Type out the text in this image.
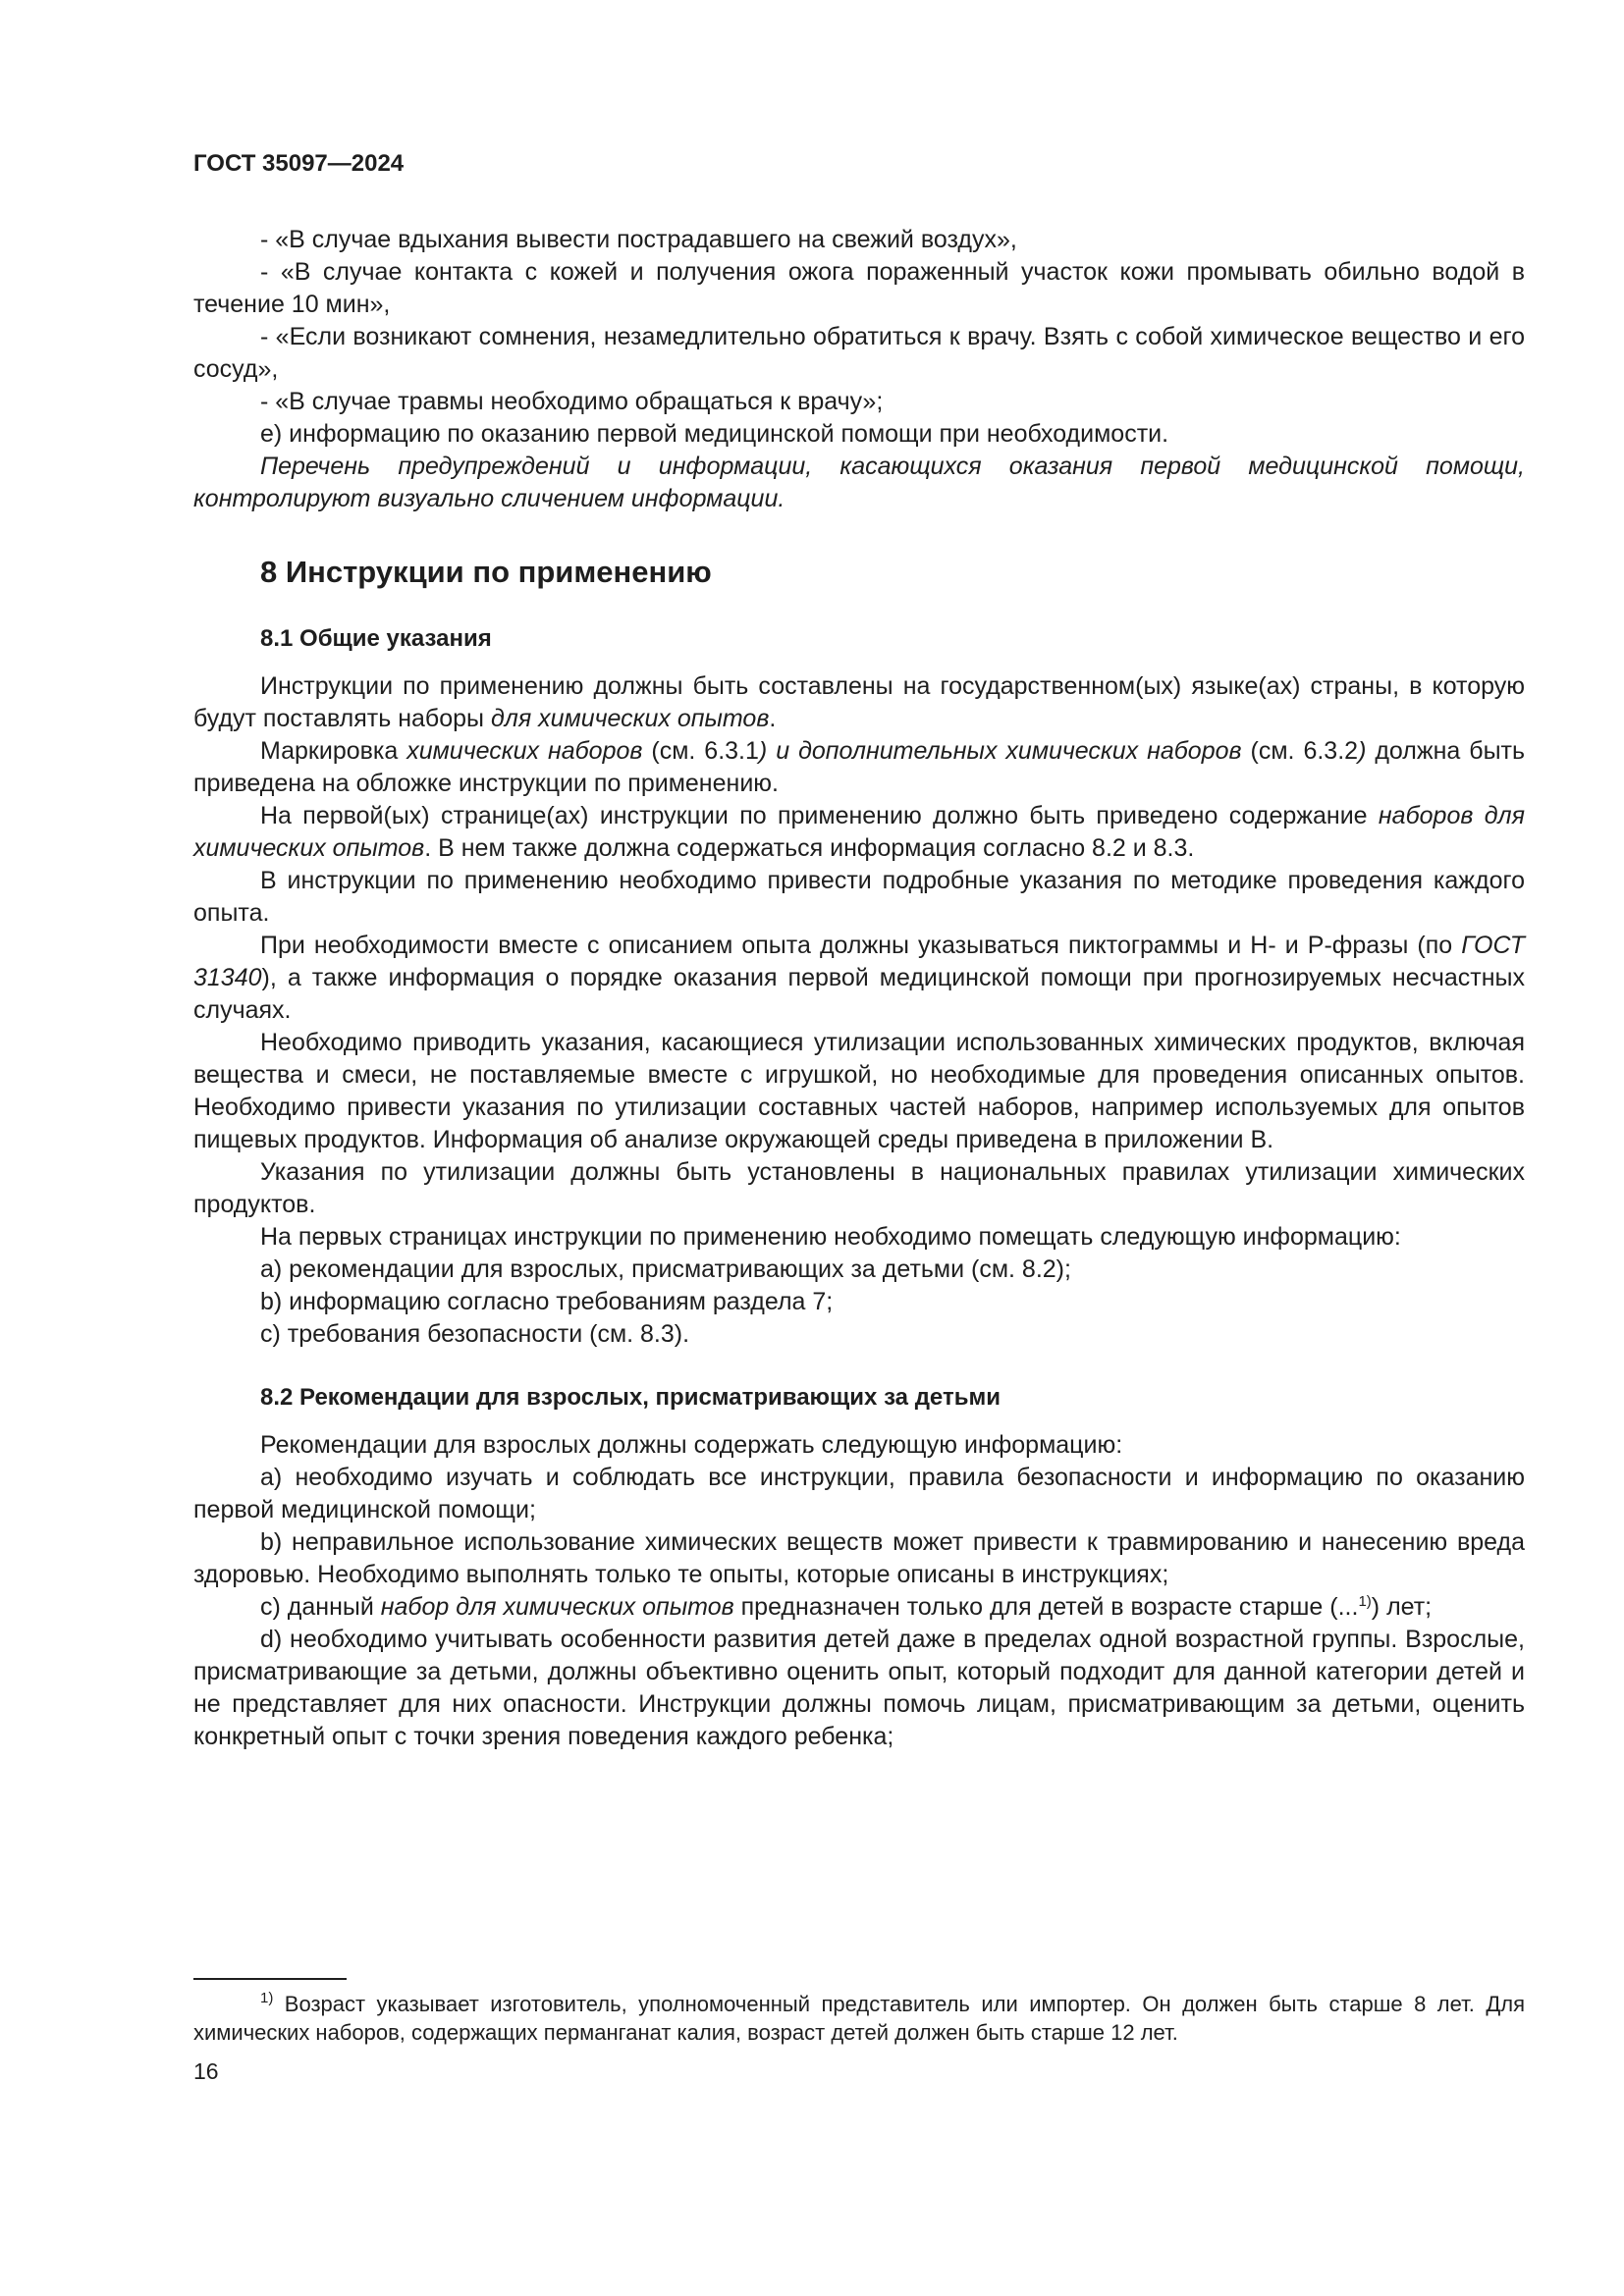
ГОСТ 35097—2024

- «В случае вдыхания вывести пострадавшего на свежий воздух»,

- «В случае контакта с кожей и получения ожога пораженный участок кожи промывать обильно водой в течение 10 мин»,

- «Если возникают сомнения, незамедлительно обратиться к врачу. Взять с собой химическое вещество и его сосуд»,

- «В случае травмы необходимо обращаться к врачу»;

е) информацию по оказанию первой медицинской помощи при необходимости.

Перечень предупреждений и информации, касающихся оказания первой медицинской помощи, контролируют визуально сличением информации.

8 Инструкции по применению
8.1 Общие указания

Инструкции по применению должны быть составлены на государственном(ых) языке(ах) страны, в которую будут поставлять наборы для химических опытов.

Маркировка химических наборов (см. 6.3.1) и дополнительных химических наборов (см. 6.3.2) должна быть приведена на обложке инструкции по применению.

На первой(ых) странице(ах) инструкции по применению должно быть приведено содержание наборов для химических опытов. В нем также должна содержаться информация согласно 8.2 и 8.3.

В инструкции по применению необходимо привести подробные указания по методике проведения каждого опыта.

При необходимости вместе с описанием опыта должны указываться пиктограммы и Н- и Р-фразы (по ГОСТ 31340), а также информация о порядке оказания первой медицинской помощи при прогнозируемых несчастных случаях.

Необходимо приводить указания, касающиеся утилизации использованных химических продуктов, включая вещества и смеси, не поставляемые вместе с игрушкой, но необходимые для проведения описанных опытов. Необходимо привести указания по утилизации составных частей наборов, например используемых для опытов пищевых продуктов. Информация об анализе окружающей среды приведена в приложении В.

Указания по утилизации должны быть установлены в национальных правилах утилизации химических продуктов.

На первых страницах инструкции по применению необходимо помещать следующую информацию:

a) рекомендации для взрослых, присматривающих за детьми (см. 8.2);

b) информацию согласно требованиям раздела 7;

c) требования безопасности (см. 8.3).

8.2 Рекомендации для взрослых, присматривающих за детьми

Рекомендации для взрослых должны содержать следующую информацию:

a) необходимо изучать и соблюдать все инструкции, правила безопасности и информацию по оказанию первой медицинской помощи;

b) неправильное использование химических веществ может привести к травмированию и нанесению вреда здоровью. Необходимо выполнять только те опыты, которые описаны в инструкциях;

c) данный набор для химических опытов предназначен только для детей в возрасте старше (...$^{1)}$) лет;

d) необходимо учитывать особенности развития детей даже в пределах одной возрастной группы. Взрослые, присматривающие за детьми, должны объективно оценить опыт, который подходит для данной категории детей и не представляет для них опасности. Инструкции должны помочь лицам, присматривающим за детьми, оценить конкретный опыт с точки зрения поведения каждого ребенка;

$^{1)}$ Возраст указывает изготовитель, уполномоченный представитель или импортер. Он должен быть старше 8 лет. Для химических наборов, содержащих перманганат калия, возраст детей должен быть старше 12 лет.

16
